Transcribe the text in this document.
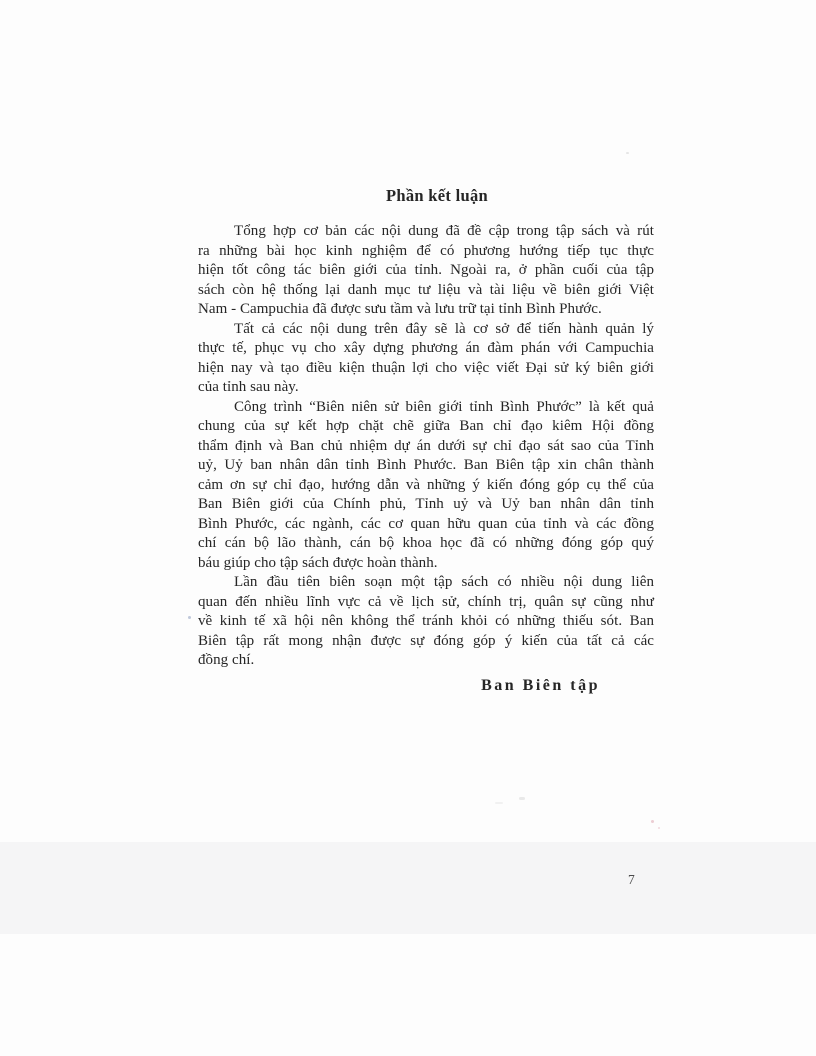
Phần kết luận
Tổng hợp cơ bản các nội dung đã đề cập trong tập sách và rút
ra những bài học kinh nghiệm để có phương hướng tiếp tục thực
hiện tốt công tác biên giới của tỉnh. Ngoài ra, ở phần cuối của tập
sách còn hệ thống lại danh mục tư liệu và tài liệu về biên giới Việt
Nam - Campuchia đã được sưu tầm và lưu trữ tại tỉnh Bình Phước.
Tất cả các nội dung trên đây sẽ là cơ sở để tiến hành quản lý
thực tế, phục vụ cho xây dựng phương án đàm phán với Campuchia
hiện nay và tạo điều kiện thuận lợi cho việc viết Đại sử ký biên giới
của tỉnh sau này.
Công trình “Biên niên sử biên giới tỉnh Bình Phước” là kết quả
chung của sự kết hợp chặt chẽ giữa Ban chỉ đạo kiêm Hội đồng
thẩm định và Ban chủ nhiệm dự án dưới sự chỉ đạo sát sao của Tỉnh
uỷ, Uỷ ban nhân dân tỉnh Bình Phước. Ban Biên tập xin chân thành
cảm ơn sự chỉ đạo, hướng dẫn và những ý kiến đóng góp cụ thể của
Ban Biên giới của Chính phủ, Tỉnh uỷ và Uỷ ban nhân dân tỉnh
Bình Phước, các ngành, các cơ quan hữu quan của tỉnh và các đồng
chí cán bộ lão thành, cán bộ khoa học đã có những đóng góp quý
báu giúp cho tập sách được hoàn thành.
Lần đầu tiên biên soạn một tập sách có nhiều nội dung liên
quan đến nhiều lĩnh vực cả về lịch sử, chính trị, quân sự cũng như
về kinh tế xã hội nên không thể tránh khỏi có những thiếu sót. Ban
Biên tập rất mong nhận được sự đóng góp ý kiến của tất cả các
đồng chí.
Ban Biên tập
7
